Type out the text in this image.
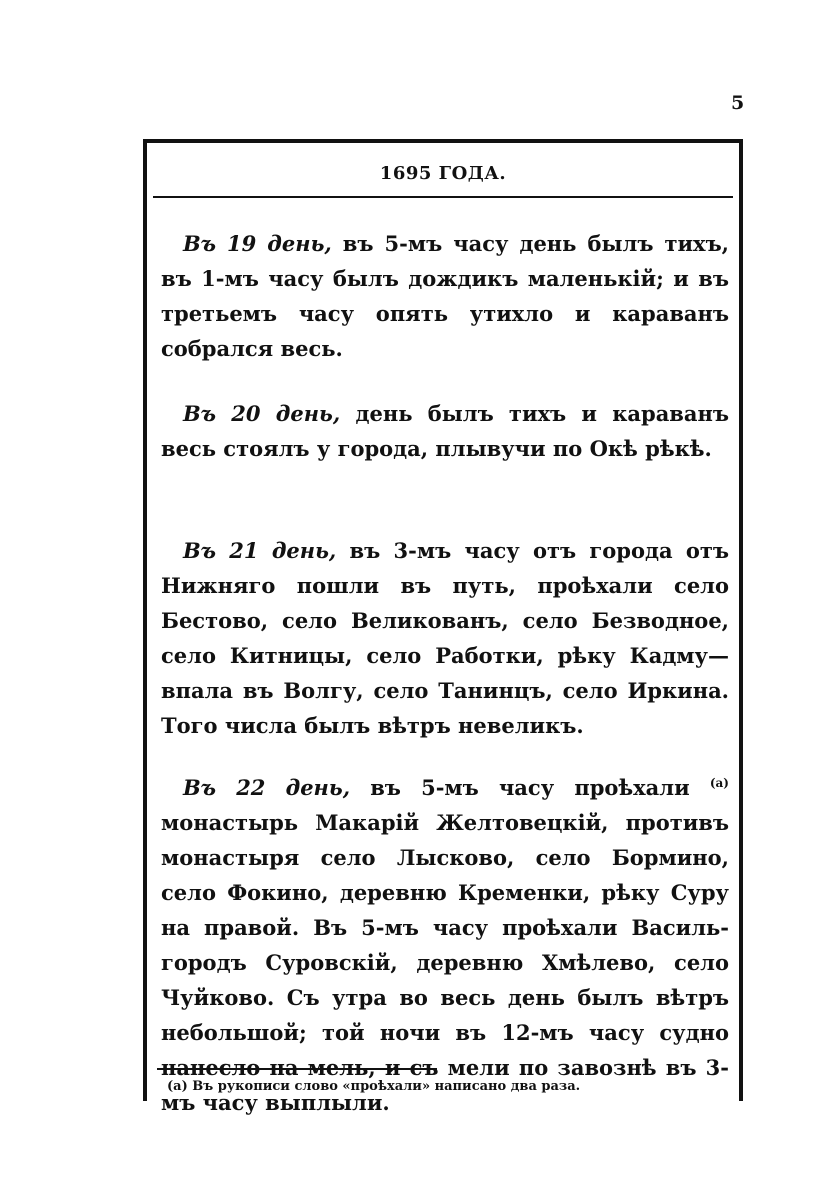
5
1695 ГОДА.

Въ 19 день, въ 5-мъ часу день былъ тихъ, въ 1-мъ часу былъ дождикъ маленькій; и въ третьемъ часу опять утихло и караванъ собрался весь.

Въ 20 день, день былъ тихъ и караванъ весь стоялъ у города, плывучи по Окѣ рѣкѣ.

Въ 21 день, въ 3-мъ часу отъ города отъ Нижняго пошли въ путь, проѣхали село Бестово, село Великованъ, село Безводное, село Китницы, село Работки, рѣку Кадму—впала въ Волгу, село Танинцъ, село Иркина. Того числа былъ вѣтръ невеликъ.

Въ 22 день, въ 5-мъ часу проѣхали $^{(a)}$ монастырь Макарій Желтовецкій, противъ монастыря село Лысково, село Бормино, село Фокино, деревню Кременки, рѣку Суру на правой. Въ 5-мъ часу проѣхали Василь-городъ Суровскій, деревню Хмѣлево, село Чуйково. Съ утра во весь день былъ вѣтръ небольшой; той ночи въ 12-мъ часу судно нанесло на мель, и съ мели по завознѣ въ 3-мъ часу выплыли.

(a) Въ рукописи слово «проѣхали» написано два раза.
